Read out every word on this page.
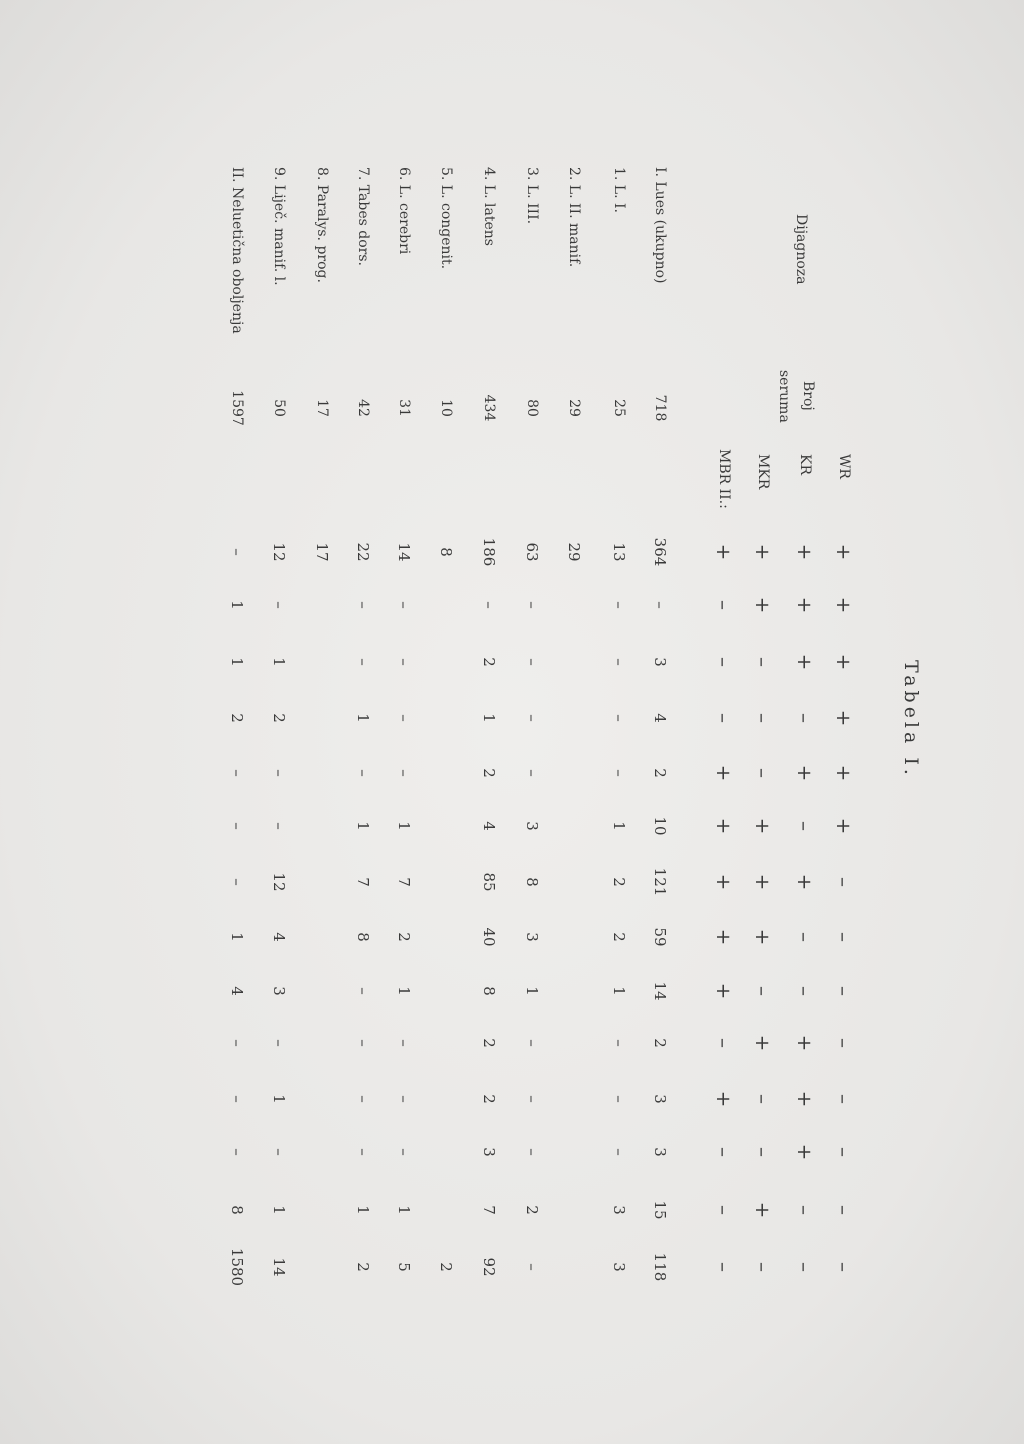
Tabela I.
Dijagnoza
Broj
seruma
WR
KR
MKR
MBR II.:
+
+
+
+
+
+
+
–
+
+
–
–
+
–
–
–
+
+
–
+
+
–
+
+
–
+
+
+
–
–
+
+
–
–
–
+
–
+
+
–
–
+
–
+
–
+
–
–
–
–
+
–
–
–
–
–
I. Lues (ukupno)
718
364
–
3
4
2
10
121
59
14
2
3
3
15
118
1. L. I.
25
13
–
–
–
–
1
2
2
1
–
–
–
3
3
2. L. II. manif.
29
29
3. L. III.
80
63
–
–
–
–
3
8
3
1
–
–
–
2
–
4. L. latens
434
186
–
2
1
2
4
85
40
8
2
2
3
7
92
5. L. congenit.
10
8
2
6. L. cerebri
31
14
–
–
–
–
1
7
2
1
–
–
–
1
5
7. Tabes dors.
42
22
–
–
1
–
1
7
8
–
–
–
–
1
2
8. Paralys. prog.
17
17
9. Liječ. manif. l.
50
12
–
1
2
–
–
12
4
3
–
1
–
1
14
II. Neluetična oboljenja
1597
–
1
1
2
–
–
–
1
4
–
–
–
8
1580
